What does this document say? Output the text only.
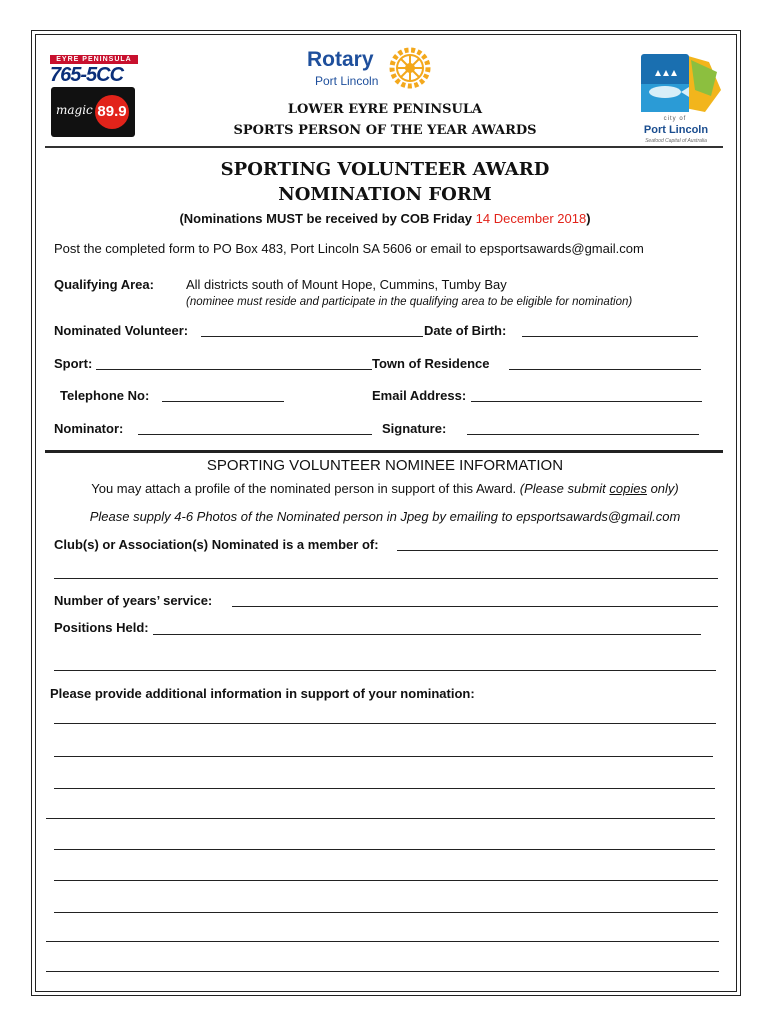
EYRE PENINSULA
765-5CC
magic 89.9
Rotary
Port Lincoln
city of
Port Lincoln
Seafood Capital of Australia
LOWER EYRE PENINSULA
SPORTS PERSON OF THE YEAR AWARDS
SPORTING VOLUNTEER AWARD
NOMINATION FORM
(Nominations MUST be received by COB Friday 14 December 2018)
Post the completed form to PO Box 483, Port Lincoln SA 5606 or email to epsportsawards@gmail.com
Qualifying Area: All districts south of Mount Hope, Cummins, Tumby Bay
(nominee must reside and participate in the qualifying area to be eligible for nomination)
Nominated Volunteer:	Date of Birth:
Sport:	Town of Residence
Telephone No:	Email Address:
Nominator:	Signature:
SPORTING VOLUNTEER NOMINEE INFORMATION
You may attach a profile of the nominated person in support of this Award. (Please submit copies only)
Please supply 4-6 Photos of the Nominated person in Jpeg by emailing to epsportsawards@gmail.com
Club(s) or Association(s) Nominated is a member of:
Number of years’ service:
Positions Held:
Please provide additional information in support of your nomination:
